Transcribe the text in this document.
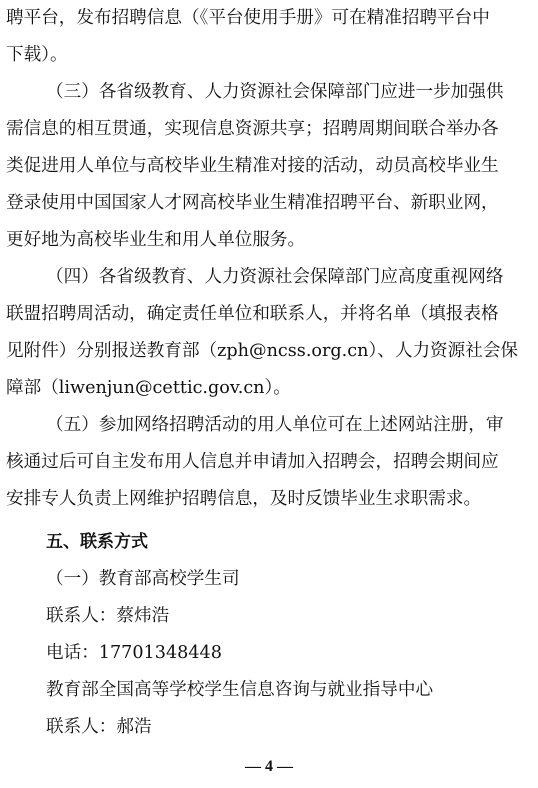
聘平台，发布招聘信息（《平台使用手册》可在精准招聘平台中
下载）。
（三）各省级教育、人力资源社会保障部门应进一步加强供
需信息的相互贯通，实现信息资源共享；招聘周期间联合举办各
类促进用人单位与高校毕业生精准对接的活动，动员高校毕业生
登录使用中国国家人才网高校毕业生精准招聘平台、新职业网，
更好地为高校毕业生和用人单位服务。
（四）各省级教育、人力资源社会保障部门应高度重视网络
联盟招聘周活动，确定责任单位和联系人，并将名单（填报表格
见附件）分别报送教育部（zph@ncss.org.cn）、人力资源社会保
障部（liwenjun@cettic.gov.cn）。
（五）参加网络招聘活动的用人单位可在上述网站注册，审
核通过后可自主发布用人信息并申请加入招聘会，招聘会期间应
安排专人负责上网维护招聘信息，及时反馈毕业生求职需求。
五、联系方式
（一）教育部高校学生司
联系人：蔡炜浩
电话：17701348448
教育部全国高等学校学生信息咨询与就业指导中心
联系人：郝浩
— 4 —
